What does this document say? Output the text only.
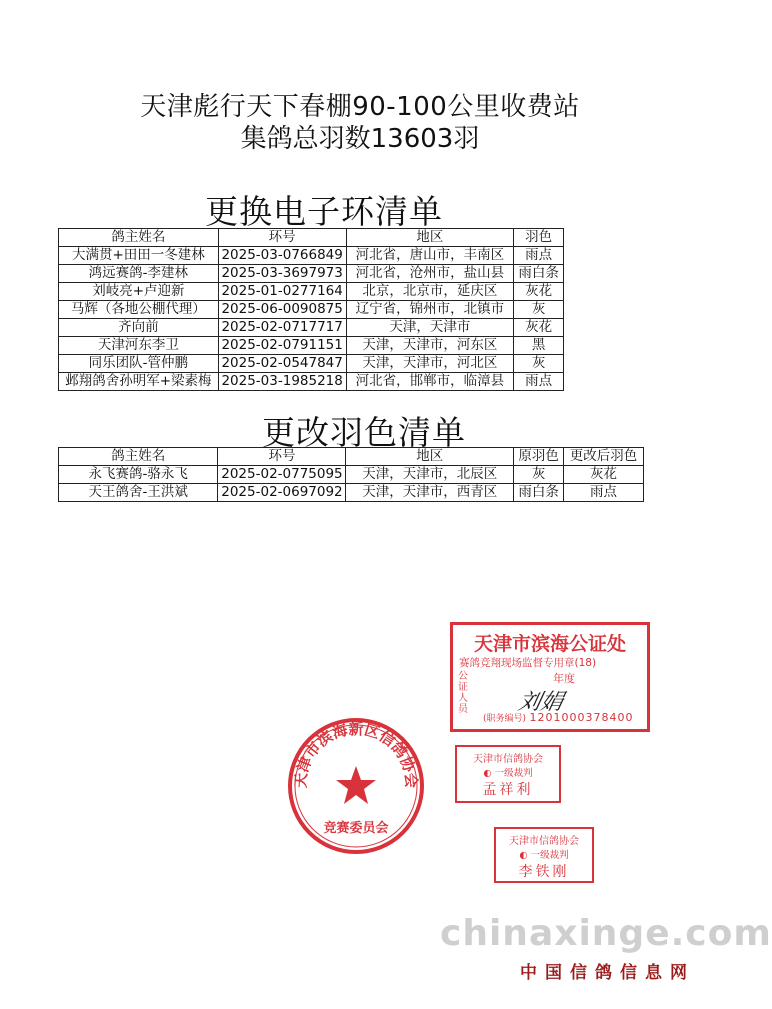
天津彪行天下春棚90-100公里收费站
集鸽总羽数13603羽
更换电子环清单
鸽主姓名	环号	地区	羽色
大满贯+田田一冬建林	2025-03-0766849	河北省，唐山市，丰南区	雨点
鸿远赛鸽-李建林	2025-03-3697973	河北省，沧州市，盐山县	雨白条
刘岐亮+卢迎新	2025-01-0277164	北京，北京市，延庆区	灰花
马辉（各地公棚代理）	2025-06-0090875	辽宁省，锦州市，北镇市	灰
齐向前	2025-02-0717717	天津，天津市	灰花
天津河东李卫	2025-02-0791151	天津，天津市，河东区	黑
同乐团队-管仲鹏	2025-02-0547847	天津，天津市，河北区	灰
邺翔鸽舍孙明军+梁素梅	2025-03-1985218	河北省，邯郸市，临漳县	雨点
更改羽色清单
鸽主姓名	环号	地区	原羽色	更改后羽色
永飞赛鸽-骆永飞	2025-02-0775095	天津，天津市，北辰区	灰	灰花
天王鸽舍-王洪斌	2025-02-0697092	天津，天津市，西青区	雨白条	雨点
天津市滨海公证处
赛鸽竞翔现场监督专用章(18)
年度
公
证
人
员 刘娟
(职务编号) 12010003784​00
天津市滨海新区信鸽协会
竞赛委员会
天津市信鸽协会
◐ 一级裁判
孟祥利
天津市信鸽协会
◐ 一级裁判
李铁刚
chinaxinge.com
中国信鸽信息网
